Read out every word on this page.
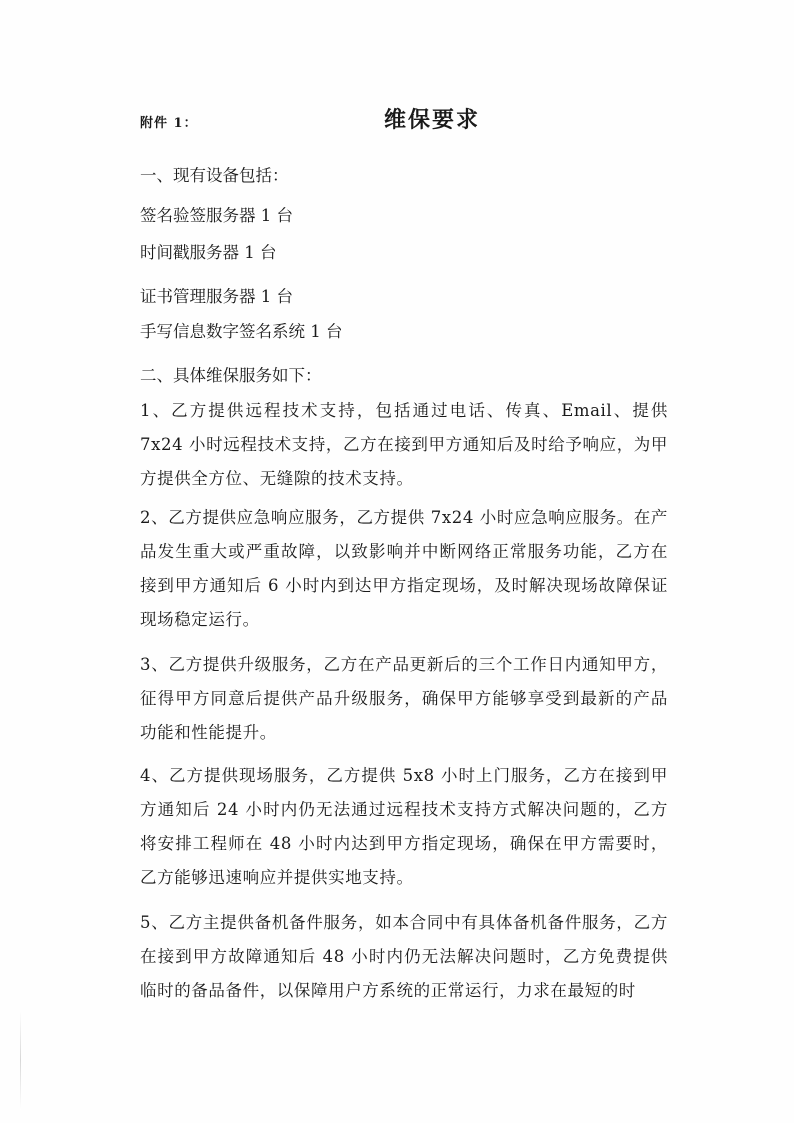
附件 1：	维保要求
一、现有设备包括：
签名验签服务器 1 台
时间戳服务器 1 台
证书管理服务器 1 台
手写信息数字签名系统 1 台
二、具体维保服务如下：
1、乙方提供远程技术支持，包括通过电话、传真、Email、提供 7x24 小时远程技术支持，乙方在接到甲方通知后及时给予响应，为甲方提供全方位、无缝隙的技术支持。
2、乙方提供应急响应服务，乙方提供 7x24 小时应急响应服务。在产品发生重大或严重故障，以致影响并中断网络正常服务功能，乙方在接到甲方通知后 6 小时内到达甲方指定现场，及时解决现场故障保证现场稳定运行。
3、乙方提供升级服务，乙方在产品更新后的三个工作日内通知甲方，征得甲方同意后提供产品升级服务，确保甲方能够享受到最新的产品功能和性能提升。
4、乙方提供现场服务，乙方提供 5x8 小时上门服务，乙方在接到甲方通知后 24 小时内仍无法通过远程技术支持方式解决问题的，乙方将安排工程师在 48 小时内达到甲方指定现场，确保在甲方需要时，乙方能够迅速响应并提供实地支持。
5、乙方主提供备机备件服务，如本合同中有具体备机备件服务，乙方在接到甲方故障通知后 48 小时内仍无法解决问题时，乙方免费提供临时的备品备件，以保障用户方系统的正常运行，力求在最短的时
